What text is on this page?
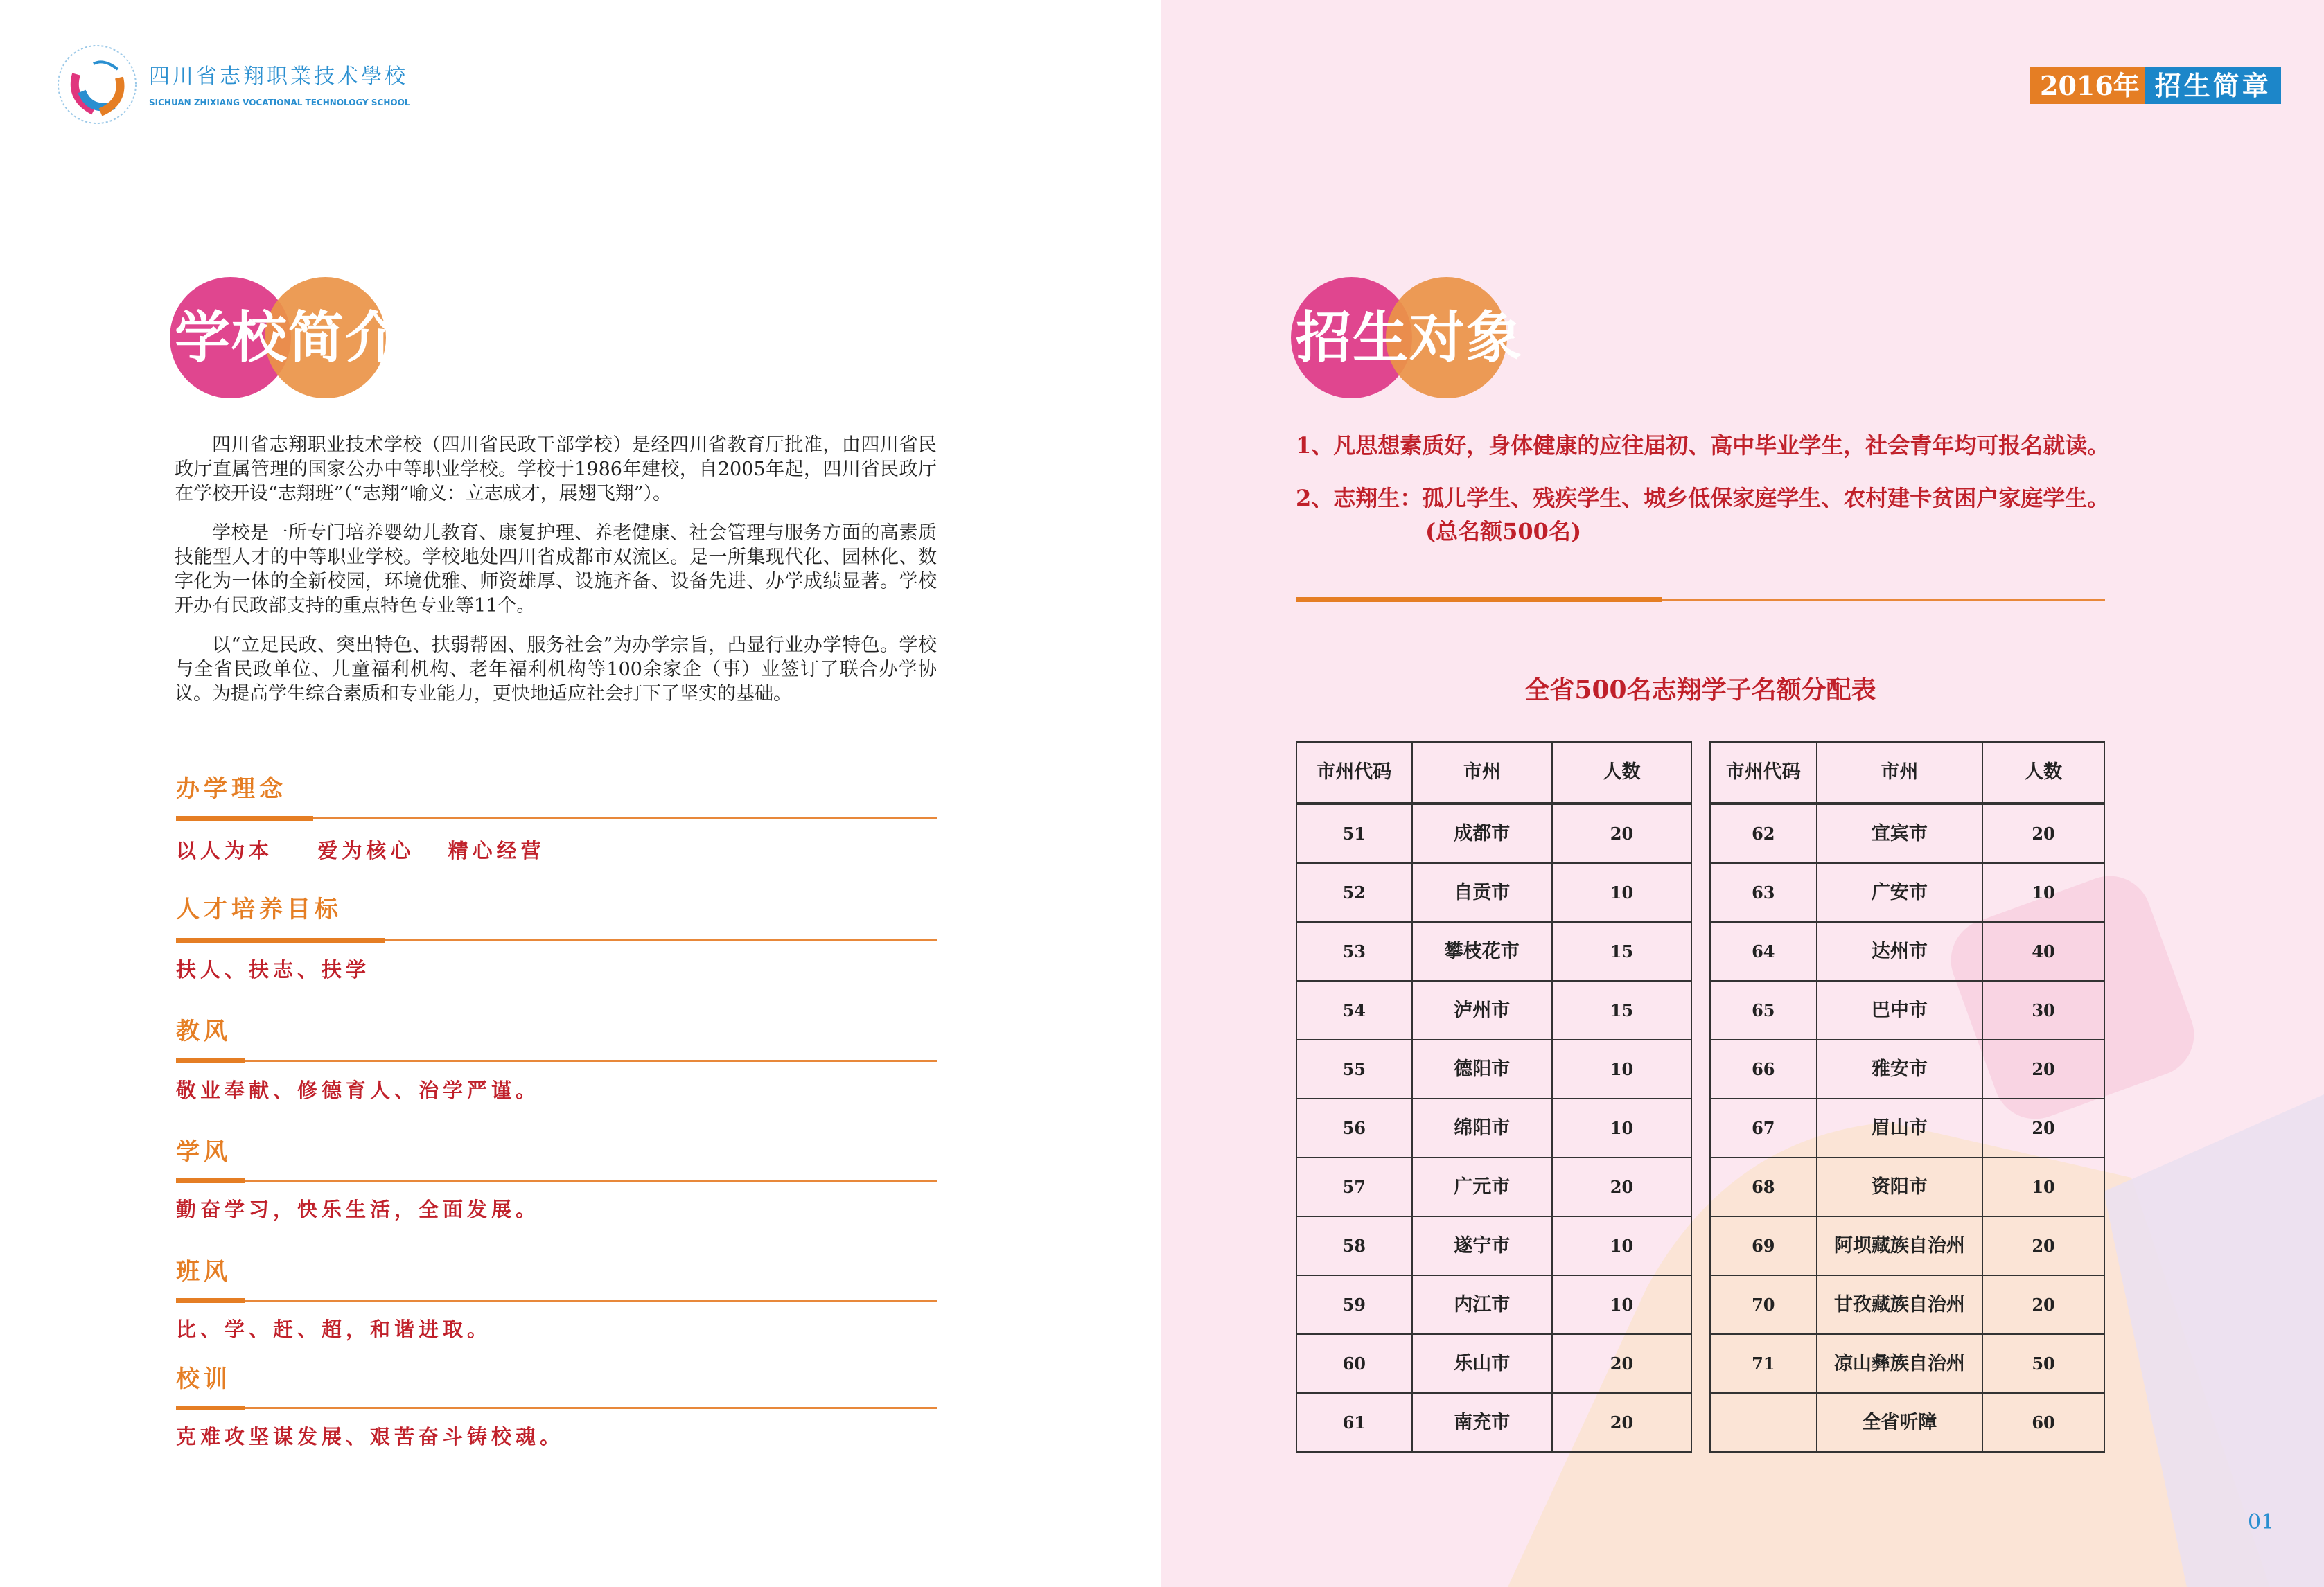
四川省志翔职業技术學校
SICHUAN ZHIXIANG VOCATIONAL TECHNOLOGY SCHOOL
2016年 招生简章
学校简介

四川省志翔职业技术学校（四川省民政干部学校）是经四川省教育厅批准，由四川省民政厅直属管理的国家公办中等职业学校。学校于1986年建校，自2005年起，四川省民政厅在学校开设“志翔班”（“志翔”喻义：立志成才，展翅飞翔”）。

学校是一所专门培养婴幼儿教育、康复护理、养老健康、社会管理与服务方面的高素质技能型人才的中等职业学校。学校地处四川省成都市双流区。是一所集现代化、园林化、数字化为一体的全新校园，环境优雅、师资雄厚、设施齐备、设备先进、办学成绩显著。学校开办有民政部支持的重点特色专业等11个。

以“立足民政、突出特色、扶弱帮困、服务社会”为办学宗旨，凸显行业办学特色。学校与全省民政单位、儿童福利机构、老年福利机构等100余家企（事）业签订了联合办学协议。为提高学生综合素质和专业能力，更快地适应社会打下了坚实的基础。

办学理念
以人为本    爱为核心   精心经营
人才培养目标
扶人、扶志、扶学
教风
敬业奉献、修德育人、治学严谨。
学风
勤奋学习，快乐生活，全面发展。
班风
比、学、赶、超，和谐进取。
校训
克难攻坚谋发展、艰苦奋斗铸校魂。
招生对象
1、凡思想素质好，身体健康的应往届初、高中毕业学生，社会青年均可报名就读。
2、志翔生：孤儿学生、残疾学生、城乡低保家庭学生、农村建卡贫困户家庭学生。
(总名额500名)
全省500名志翔学子名额分配表
市州代码	市州	人数
51	成都市	20
52	自贡市	10
53	攀枝花市	15
54	泸州市	15
55	德阳市	10
56	绵阳市	10
57	广元市	20
58	遂宁市	10
59	内江市	10
60	乐山市	20
61	南充市	20
市州代码	市州	人数
62	宜宾市	20
63	广安市	10
64	达州市	40
65	巴中市	30
66	雅安市	20
67	眉山市	20
68	资阳市	10
69	阿坝藏族自治州	20
70	甘孜藏族自治州	20
71	凉山彝族自治州	50
	全省听障	60
01
